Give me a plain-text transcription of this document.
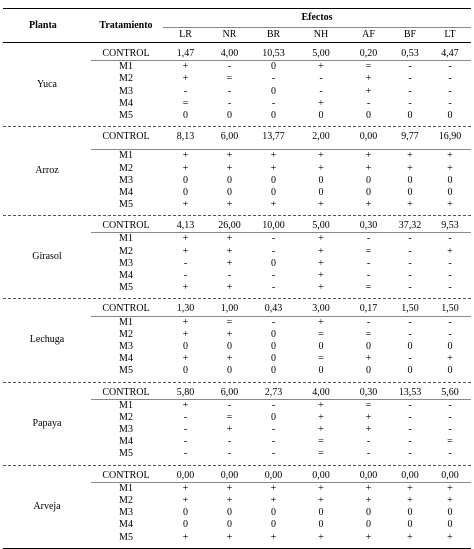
Planta	Tratamiento
Efectos
LR	NR	BR	NH	AF	BF	LT
Yuca
CONTROL	1,47	4,00	10,53	5,00	0,20	0,53	4,47
M1	+	-	0	+	=	-	-
M2	+	=	-	-	+	-	-
M3	-	-	0	-	+	-	-
M4	=	-	-	+	-	-	-
M5	0	0	0	0	0	0	0
Arroz
CONTROL	8,13	6,00	13,77	2,00	0,00	9,77	16,90
M1	+	+	+	+	+	+	+
M2	+	+	+	+	+	+	+
M3	0	0	0	0	0	0	0
M4	0	0	0	0	0	0	0
M5	+	+	+	+	+	+	+
Girasol
CONTROL	4,13	26,00	10,00	5,00	0,30	37,32	9,53
M1	+	+	-	+	-	-	-
M2	+	+	-	+	=	-	+
M3	-	+	0	+	-	-	-
M4	-	-	-	+	-	-	-
M5	+	+	-	+	=	-	-
Lechuga
CONTROL	1,30	1,00	0,43	3,00	0,17	1,50	1,50
M1	+	=	-	+	-	-	-
M2	+	+	0	=	=	-	-
M3	0	0	0	0	0	0	0
M4	+	+	0	=	+	-	+
M5	0	0	0	0	0	0	0
Papaya
CONTROL	5,80	6,00	2,73	4,00	0,30	13,53	5,60
M1	+	-	-	+	=	-	-
M2	-	=	0	+	+	-	-
M3	-	+	-	+	+	-	-
M4	-	-	-	=	-	-	=
M5	-	-	-	=	-	-	-
Arveja
CONTROL	0,00	0,00	0,00	0,00	0,00	0,00	0,00
M1	+	+	+	+	+	+	+
M2	+	+	+	+	+	+	+
M3	0	0	0	0	0	0	0
M4	0	0	0	0	0	0	0
M5	+	+	+	+	+	+	+
